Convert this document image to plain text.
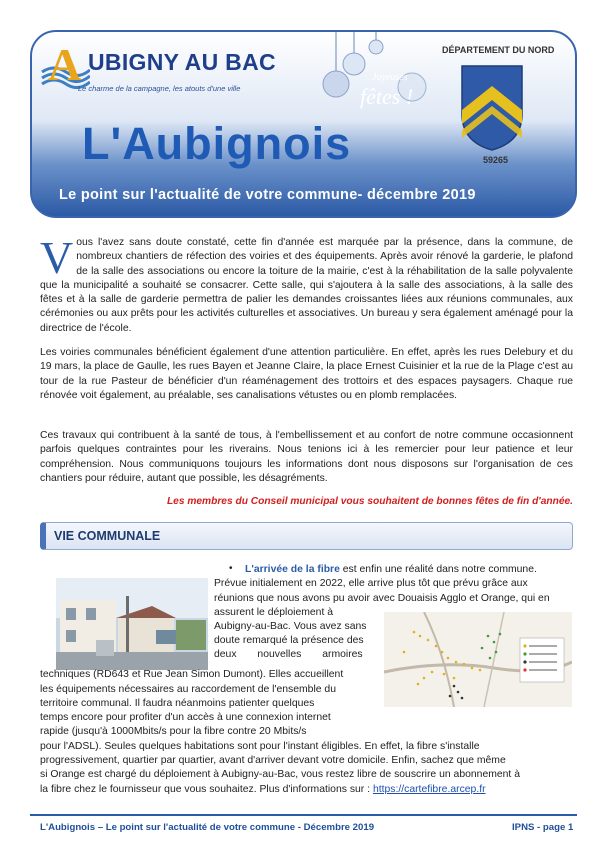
A UBIGNY AU BAC
Le charme de la campagne, les atouts d'une ville
Joyeuses
fêtes !
DÉPARTEMENT DU NORD
59265
L'Aubignois
Le point sur l'actualité de votre commune- décembre 2019
Vous l'avez sans doute constaté, cette fin d'année est marquée par la présence, dans la commune, de nombreux chantiers de réfection des voiries et des équipements. Après avoir rénové la garderie, le plafond de la salle des associations ou encore la toiture de la mairie, c'est à la réhabilitation de la salle polyvalente que la municipalité a souhaité se consacrer. Cette salle, qui s'ajoutera à la salle des associations, à la salle des fêtes et à la salle de garderie permettra de palier les demandes croissantes liées aux réunions communales, aux cérémonies ou aux prêts pour les activités culturelles et associatives. Un bureau y sera également aménagé pour la directrice de l'école.
Les voiries communales bénéficient également d'une attention particulière. En effet, après les rues Delebury et du 19 mars, la place de Gaulle, les rues Bayen et Jeanne Claire, la place Ernest Cuisinier et la rue de la Plage c'est au tour de la rue Pasteur de bénéficier d'un réaménagement des trottoirs et des espaces paysagers. Chaque rue rénovée voit également, au préalable, ses canalisations vétustes ou en plomb remplacées.
Ces travaux qui contribuent à la santé de tous, à l'embellissement et au confort de notre commune occasionnent parfois quelques contraintes pour les riverains. Nous tenions ici à les remercier pour leur patience et leur compréhension. Nous communiquons toujours les informations dont nous disposons sur l'organisation de ces chantiers pour réduire, autant que possible, les désagréments.
Les membres du Conseil municipal vous souhaitent de bonnes fêtes de fin d'année.
VIE COMMUNALE
• L'arrivée de la fibre est enfin une réalité dans notre commune.
Prévue initialement en 2022, elle arrive plus tôt que prévu grâce aux
réunions que nous avons pu avoir avec Douaisis Agglo et Orange, qui en
assurent le déploiement à
Aubigny-au-Bac. Vous avez sans
doute remarqué la présence des
deux nouvelles armoires
techniques (RD643 et Rue Jean Simon Dumont). Elles accueillent
les équipements nécessaires au raccordement de l'ensemble du
territoire communal. Il faudra néanmoins patienter quelques
temps encore pour profiter d'un accès à une connexion internet
rapide (jusqu'à 1000Mbits/s pour la fibre contre 20 Mbits/s
pour l'ADSL). Seules quelques habitations sont pour l'instant éligibles. En effet, la fibre s'installe
progressivement, quartier par quartier, avant d'arriver devant votre domicile. Enfin, sachez que même
si Orange est chargé du déploiement à Aubigny-au-Bac, vous restez libre de souscrire un abonnement à
la fibre chez le fournisseur que vous souhaitez. Plus d'informations sur : https://cartefibre.arcep.fr
L'Aubignois – Le point sur l'actualité de votre commune - Décembre 2019	IPNS - page 1
